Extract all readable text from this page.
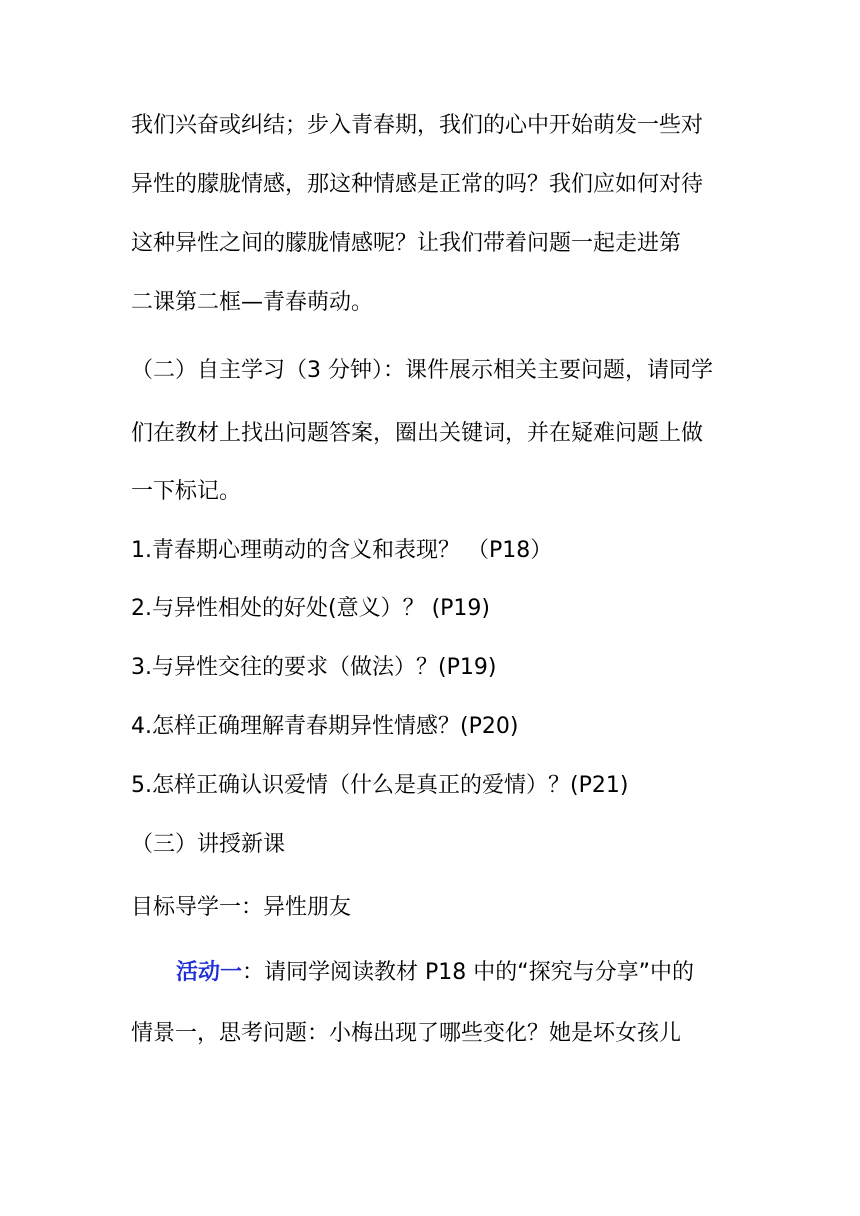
我们兴奋或纠结；步入青春期，我们的心中开始萌发一些对
异性的朦胧情感，那这种情感是正常的吗？我们应如何对待
这种异性之间的朦胧情感呢？让我们带着问题一起走进第
二课第二框—青春萌动。
（二）自主学习（3 分钟）：课件展示相关主要问题，请同学
们在教材上找出问题答案，圈出关键词，并在疑难问题上做
一下标记。
1.青春期心理萌动的含义和表现？ （P18）
2.与异性相处的好处(意义）？ (P19)
3.与异性交往的要求（做法）？(P19)
4.怎样正确理解青春期异性情感？(P20)
5.怎样正确认识爱情（什么是真正的爱情）？(P21)
（三）讲授新课
目标导学一：异性朋友
活动一：请同学阅读教材 P18 中的“探究与分享”中的
情景一，思考问题：小梅出现了哪些变化？她是坏女孩儿
